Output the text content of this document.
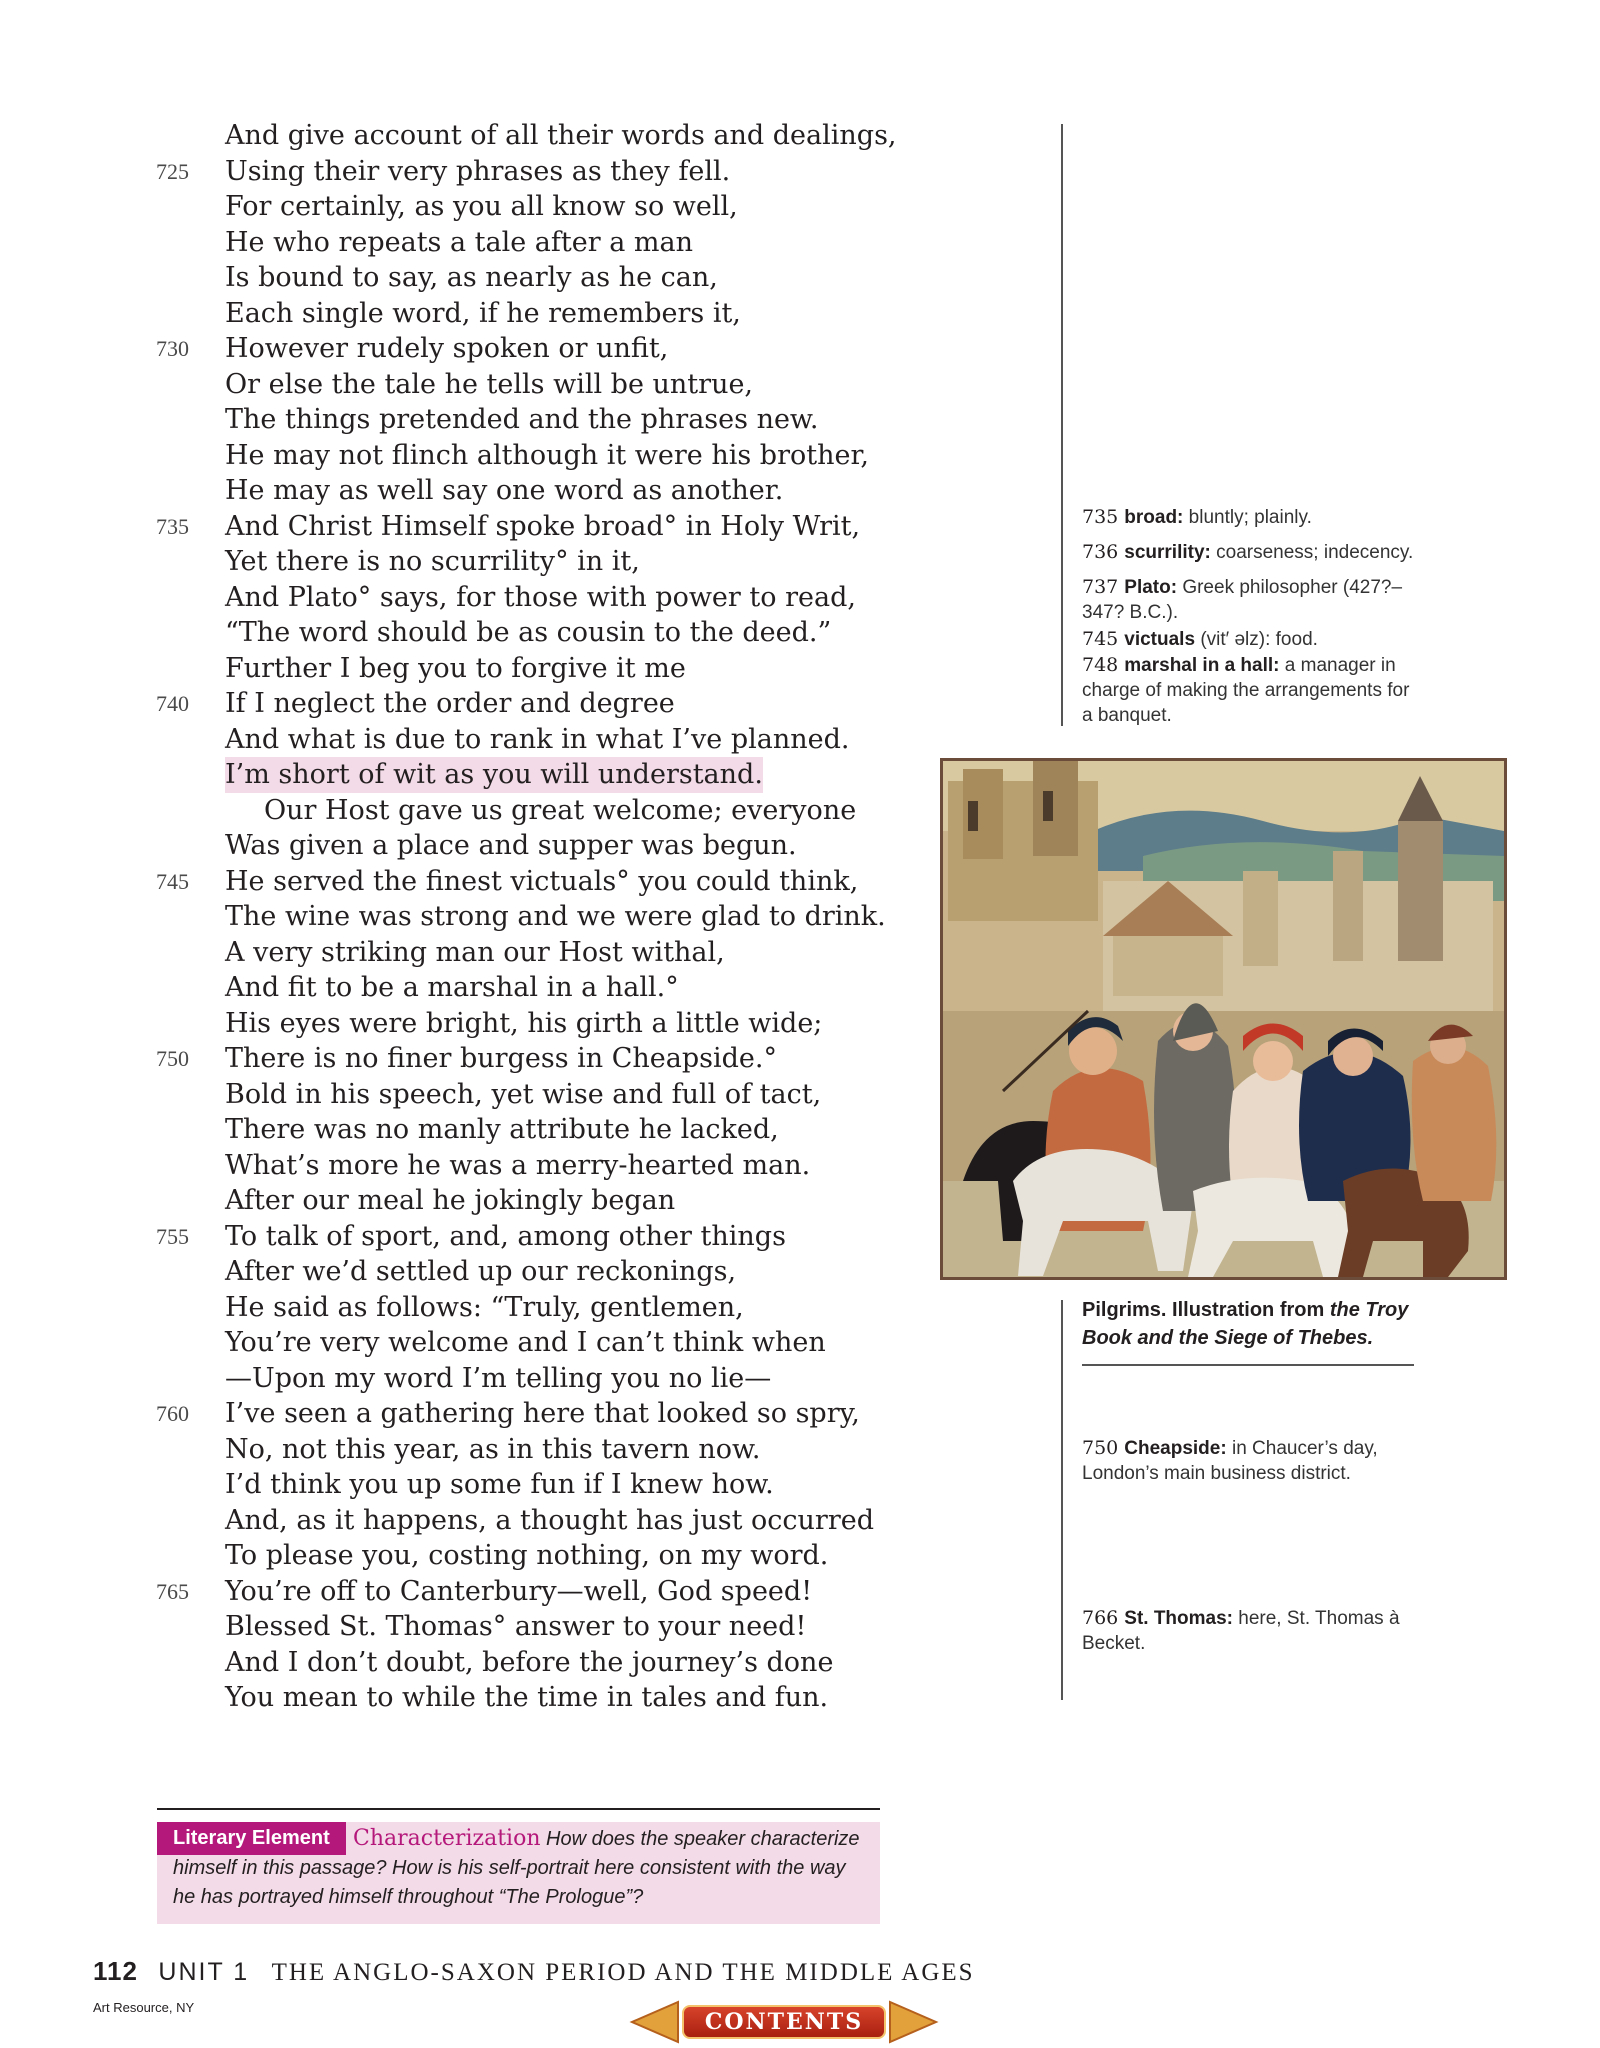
And give account of all their words and dealings,
725	Using their very phrases as they fell.
For certainly, as you all know so well,
He who repeats a tale after a man
Is bound to say, as nearly as he can,
Each single word, if he remembers it,
730	However rudely spoken or unfit,
Or else the tale he tells will be untrue,
The things pretended and the phrases new.
He may not flinch although it were his brother,
He may as well say one word as another.
735	And Christ Himself spoke broad° in Holy Writ,
Yet there is no scurrility° in it,
And Plato° says, for those with power to read,
“The word should be as cousin to the deed.”
Further I beg you to forgive it me
740	If I neglect the order and degree
And what is due to rank in what I’ve planned.
I’m short of wit as you will understand.
Our Host gave us great welcome; everyone
Was given a place and supper was begun.
745	He served the finest victuals° you could think,
The wine was strong and we were glad to drink.
A very striking man our Host withal,
And fit to be a marshal in a hall.°
His eyes were bright, his girth a little wide;
750	There is no finer burgess in Cheapside.°
Bold in his speech, yet wise and full of tact,
There was no manly attribute he lacked,
What’s more he was a merry-hearted man.
After our meal he jokingly began
755	To talk of sport, and, among other things
After we’d settled up our reckonings,
He said as follows: “Truly, gentlemen,
You’re very welcome and I can’t think when
—Upon my word I’m telling you no lie—
760	I’ve seen a gathering here that looked so spry,
No, not this year, as in this tavern now.
I’d think you up some fun if I knew how.
And, as it happens, a thought has just occurred
To please you, costing nothing, on my word.
765	You’re off to Canterbury—well, God speed!
Blessed St. Thomas° answer to your need!
And I don’t doubt, before the journey’s done
You mean to while the time in tales and fun.
735 broad: bluntly; plainly.
736 scurrility: coarseness; indecency.
737 Plato: Greek philosopher (427?–347? B.C.).
745 victuals (vit′ əlz): food.
748 marshal in a hall: a manager in charge of making the arrangements for a banquet.
Pilgrims. Illustration from the Troy Book and the Siege of Thebes.
750 Cheapside: in Chaucer’s day, London’s main business district.
766 St. Thomas: here, St. Thomas à Becket.
Characterization How does the speaker characterize himself in this passage? How is his self-portrait here consistent with the way he has portrayed himself throughout “The Prologue”?
Literary Element
112 UNIT 1 THE ANGLO-SAXON PERIOD AND THE MIDDLE AGES
Art Resource, NY
CONTENTS
